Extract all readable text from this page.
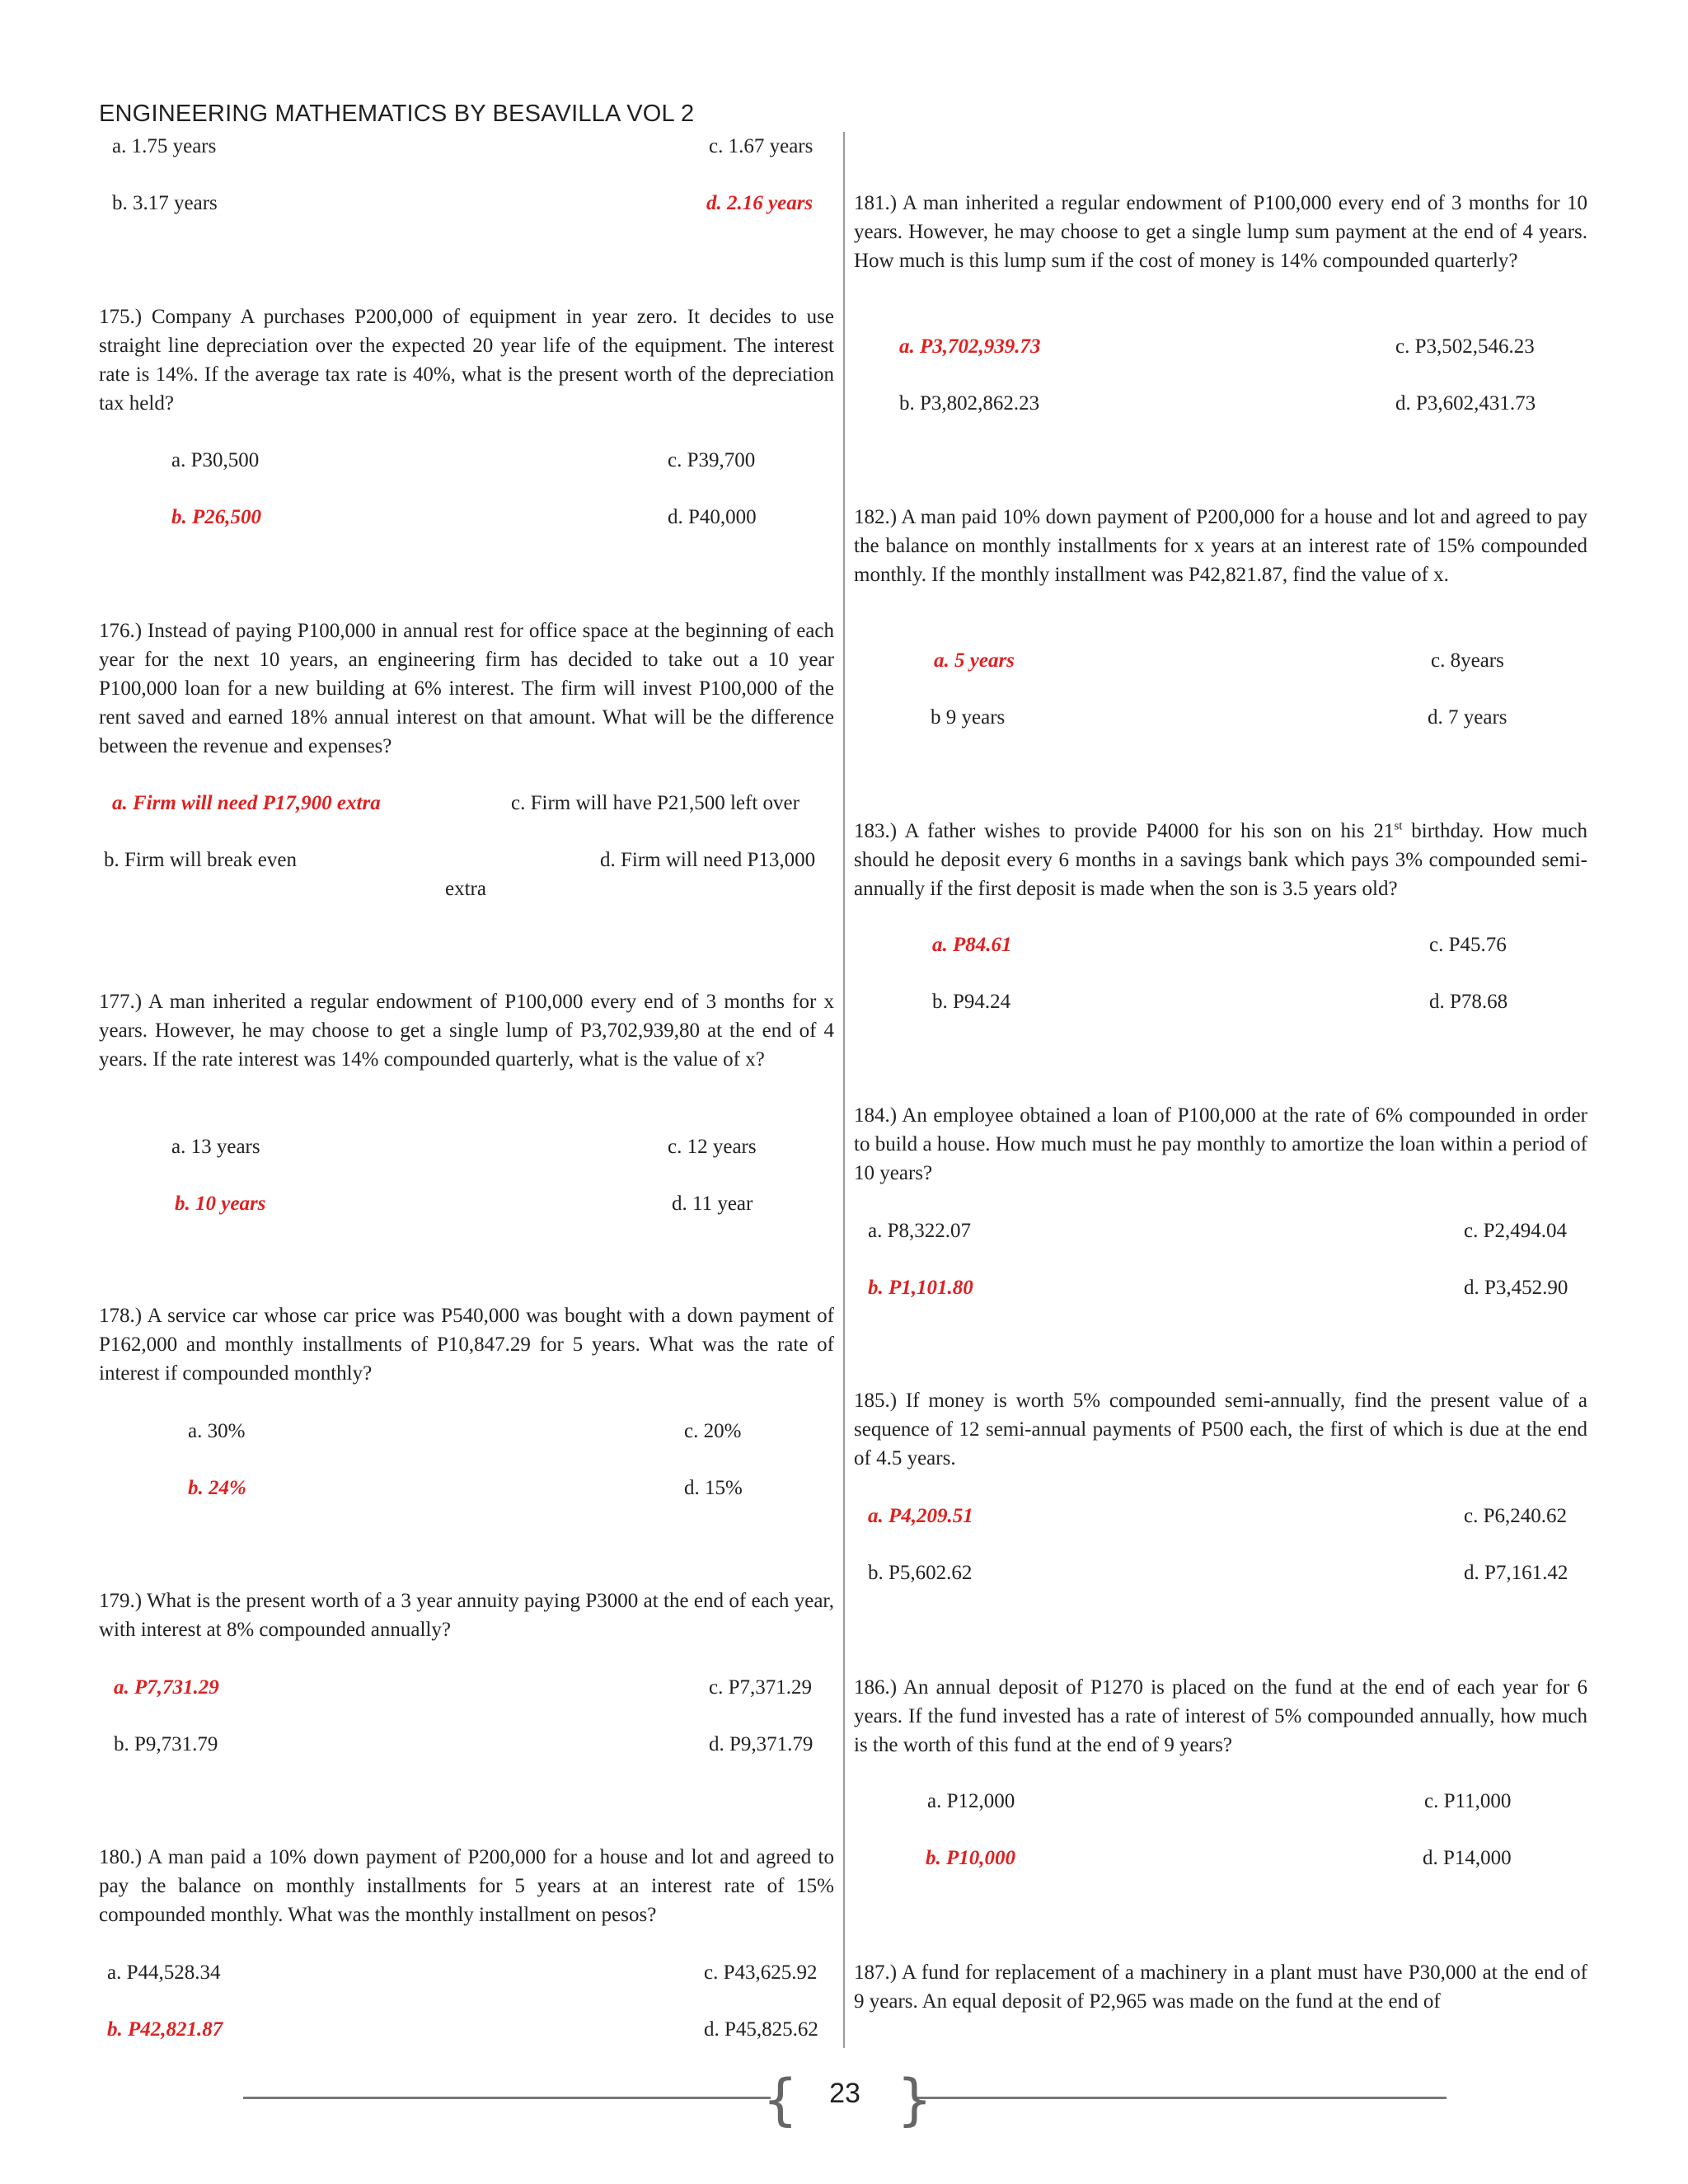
ENGINEERING MATHEMATICS BY BESAVILLA VOL 2
a. 1.75 years	c. 1.67 years
b. 3.17 years	d. 2.16 years
175.) Company A purchases P200,000 of equipment in year zero. It decides to use straight line depreciation over the expected 20 year life of the equipment. The interest rate is 14%. If the average tax rate is 40%, what is the present worth of the depreciation tax held?
a. P30,500	c. P39,700
b. P26,500	d. P40,000
176.) Instead of paying P100,000 in annual rest for office space at the beginning of each year for the next 10 years, an engineering firm has decided to take out a 10 year P100,000 loan for a new building at 6% interest. The firm will invest P100,000 of the rent saved and earned 18% annual interest on that amount. What will be the difference between the revenue and expenses?
a. Firm will need P17,900 extra	c. Firm will have P21,500 left over
b. Firm will break even	d. Firm will need P13,000
extra
177.) A man inherited a regular endowment of P100,000 every end of 3 months for x years. However, he may choose to get a single lump of P3,702,939,80 at the end of 4 years. If the rate interest was 14% compounded quarterly, what is the value of x?
a. 13 years	c. 12 years
b. 10 years	d. 11 year
178.) A service car whose car price was P540,000 was bought with a down payment of P162,000 and monthly installments of P10,847.29 for 5 years. What was the rate of interest if compounded monthly?
a. 30%	c. 20%
b. 24%	d. 15%
179.) What is the present worth of a 3 year annuity paying P3000 at the end of each year, with interest at 8% compounded annually?
a. P7,731.29	c. P7,371.29
b. P9,731.79	d. P9,371.79
180.) A man paid a 10% down payment of P200,000 for a house and lot and agreed to pay the balance on monthly installments for 5 years at an interest rate of 15% compounded monthly. What was the monthly installment on pesos?
a. P44,528.34	c. P43,625.92
b. P42,821.87	d. P45,825.62
181.) A man inherited a regular endowment of P100,000 every end of 3 months for 10 years. However, he may choose to get a single lump sum payment at the end of 4 years. How much is this lump sum if the cost of money is 14% compounded quarterly?
a. P3,702,939.73	c. P3,502,546.23
b. P3,802,862.23	d. P3,602,431.73
182.) A man paid 10% down payment of P200,000 for a house and lot and agreed to pay the balance on monthly installments for x years at an interest rate of 15% compounded monthly. If the monthly installment was P42,821.87, find the value of x.
a. 5 years	c. 8years
b 9 years	d. 7 years
183.) A father wishes to provide P4000 for his son on his 21st birthday. How much should he deposit every 6 months in a savings bank which pays 3% compounded semi-annually if the first deposit is made when the son is 3.5 years old?
a. P84.61	c. P45.76
b. P94.24	d. P78.68
184.) An employee obtained a loan of P100,000 at the rate of 6% compounded in order to build a house. How much must he pay monthly to amortize the loan within a period of 10 years?
a. P8,322.07	c. P2,494.04
b. P1,101.80	d. P3,452.90
185.) If money is worth 5% compounded semi-annually, find the present value of a sequence of 12 semi-annual payments of P500 each, the first of which is due at the end of 4.5 years.
a. P4,209.51	c. P6,240.62
b. P5,602.62	d. P7,161.42
186.) An annual deposit of P1270 is placed on the fund at the end of each year for 6 years. If the fund invested has a rate of interest of 5% compounded annually, how much is the worth of this fund at the end of 9 years?
a. P12,000	c. P11,000
b. P10,000	d. P14,000
187.) A fund for replacement of a machinery in a plant must have P30,000 at the end of 9 years. An equal deposit of P2,965 was made on the fund at the end of
{ }
23
